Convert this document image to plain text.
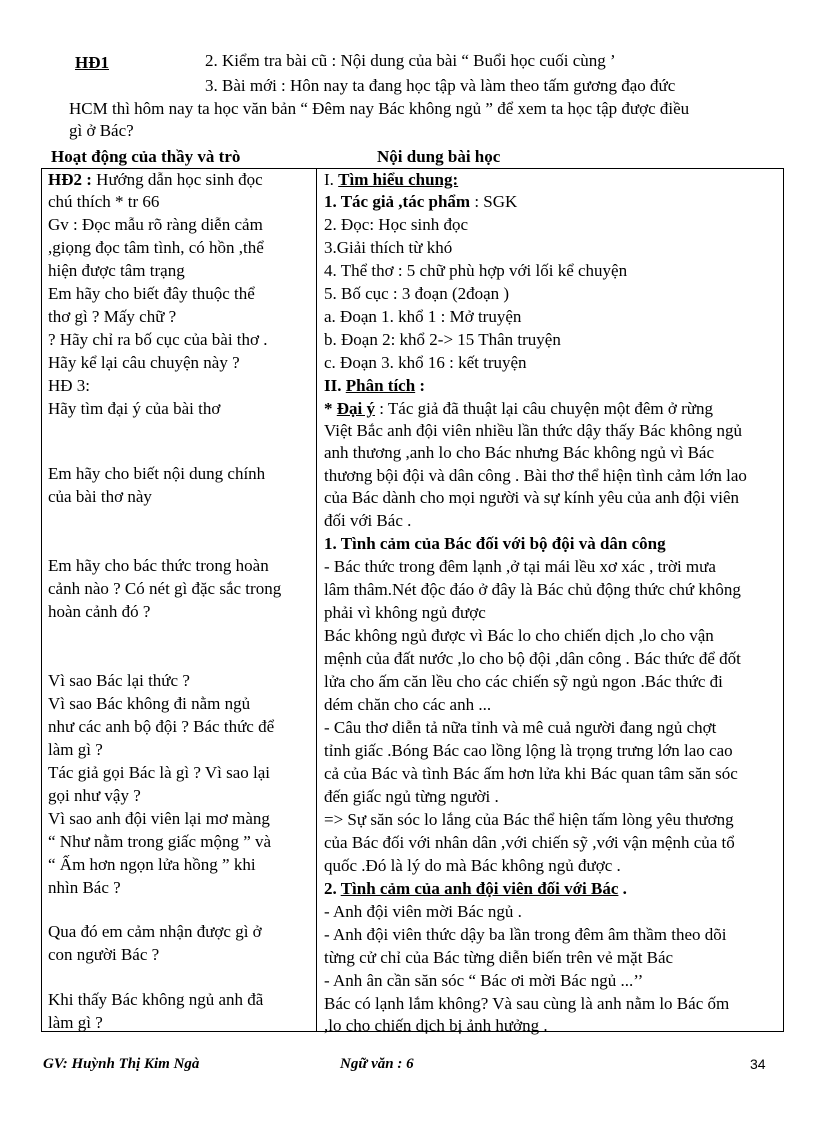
HĐ1	2. Kiểm tra bài cũ : Nội dung của bài “ Buổi học cuối cùng ’
3. Bài mới : Hôn nay ta đang học tập và làm theo tấm gương đạo đức
HCM thì hôm nay ta học văn bản “ Đêm nay Bác không ngủ ” để xem ta học tập được điều
gì ở Bác?
Hoạt động của thầy và trò	Nội dung bài học
HĐ2 : Hướng dẫn học sinh đọc
chú thích * tr 66
Gv : Đọc mẫu rõ ràng diễn cảm
,giọng đọc tâm tình, có hồn ,thể
hiện được tâm trạng
Em hãy cho biết đây thuộc thể
thơ gì ? Mấy chữ ?
? Hãy chỉ ra bố cục của bài thơ .
Hãy kể lại câu chuyện này ?
HĐ 3:
Hãy tìm đại ý của bài thơ
Em hãy cho biết nội dung chính
của bài thơ này
Em hãy cho bác thức trong hoàn
cảnh nào ? Có nét gì đặc sắc trong
hoàn cảnh đó ?
Vì sao Bác lại thức ?
Vì sao Bác không đi nằm ngủ
như các anh bộ đội ? Bác thức để
làm gì ?
Tác giả gọi Bác là gì ? Vì sao lại
gọi như vậy ?
Vì sao anh đội viên lại mơ màng
“ Như nằm trong giấc mộng ” và
“ Ấm hơn ngọn lửa hồng ” khi
nhìn Bác ?
Qua đó em cảm nhận được gì ở
con người Bác ?
Khi thấy Bác không ngủ anh đã
làm gì ?

I. Tìm hiểu chung:
1. Tác giả ,tác phẩm : SGK
2. Đọc: Học sinh đọc
3.Giải thích từ khó
4. Thể thơ : 5 chữ phù hợp với lối kể chuyện
5. Bố cục : 3 đoạn (2đoạn )
a. Đoạn 1. khổ 1 : Mở truyện
b. Đoạn 2: khổ 2-> 15 Thân truyện
c. Đoạn 3. khổ 16 : kết truyện
II. Phân tích :
* Đại ý : Tác giả đã thuật lại câu chuyện một đêm ở rừng
Việt Bắc anh đội viên nhiều lần thức dậy thấy Bác không ngủ
anh thương ,anh lo cho Bác nhưng Bác không ngủ vì Bác
thương bội đội và dân công . Bài thơ thể hiện tình cảm lớn lao
của Bác dành cho mọi người và sự kính yêu của anh đội viên
đối với Bác .
1. Tình cảm của Bác đối với bộ đội và dân công
- Bác thức trong đêm lạnh ,ở tại mái lều xơ xác , trời mưa
lâm thâm.Nét độc đáo ở đây là Bác chủ động thức chứ không
phải vì không ngủ được
Bác không ngủ được vì Bác lo cho chiến dịch ,lo cho vận
mệnh của đất nước ,lo cho bộ đội ,dân công . Bác thức để đốt
lửa cho ấm căn lều cho các chiến sỹ ngủ ngon .Bác thức đi
dém chăn cho các anh ...
- Câu thơ diễn tả nữa tỉnh và mê cuả người đang ngủ chợt
tỉnh giấc .Bóng Bác cao lồng lộng là trọng trưng lớn lao cao
cả của Bác và tình Bác ấm hơn lửa khi Bác quan tâm săn sóc
đến giấc ngủ từng người .
=> Sự săn sóc lo lắng của Bác thể hiện tấm lòng yêu thương
của Bác đối với nhân dân ,với chiến sỹ ,với vận mệnh của tổ
quốc .Đó là lý do mà Bác không ngủ được .
2. Tình cảm của anh đội viên đối với Bác .
- Anh đội viên mời Bác ngủ .
- Anh đội viên thức dậy ba lần trong đêm âm thầm theo dõi
từng cử chỉ của Bác từng diễn biến trên vẻ mặt Bác
- Anh ân cần săn sóc “ Bác ơi mời Bác ngủ ...’’
Bác có lạnh lắm không? Và sau cùng là anh nằm lo Bác ốm
,lo cho chiến dịch bị ảnh hưởng .
GV: Huỳnh Thị Kim Ngà	Ngữ văn : 6	34
